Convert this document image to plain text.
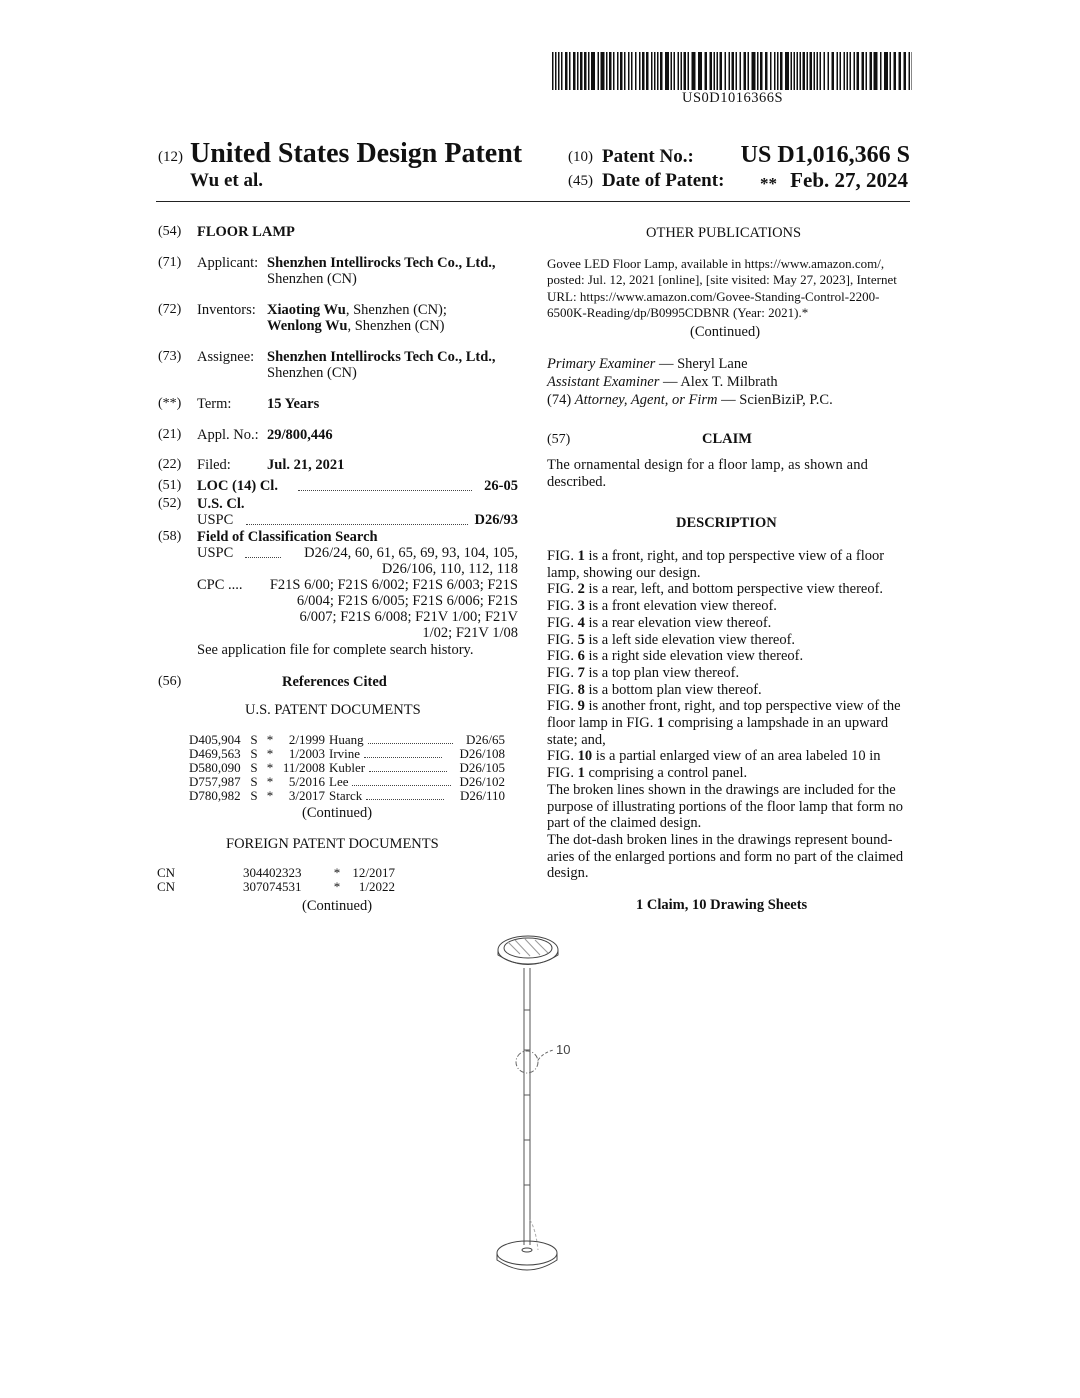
US0D1016366S
(12) United States Design Patent
Wu et al.
(10) Patent No.: US D1,016,366 S
(45) Date of Patent: ** Feb. 27, 2024
(54) FLOOR LAMP
(71) Applicant: Shenzhen Intellirocks Tech Co., Ltd.,
Shenzhen (CN)
(72) Inventors: Xiaoting Wu, Shenzhen (CN);
Wenlong Wu, Shenzhen (CN)
(73) Assignee: Shenzhen Intellirocks Tech Co., Ltd.,
Shenzhen (CN)
(**) Term: 15 Years
(21) Appl. No.: 29/800,446
(22) Filed: Jul. 21, 2021
(51) LOC (14) Cl.	26-05
(52) U.S. Cl.
USPC	D26/93
(58) Field of Classification Search
USPC	D26/24, 60, 61, 65, 69, 93, 104, 105,
D26/106, 110, 112, 118
CPC .... F21S 6/00; F21S 6/002; F21S 6/003; F21S
6/004; F21S 6/005; F21S 6/006; F21S
6/007; F21S 6/008; F21V 1/00; F21V
1/02; F21V 1/08
See application file for complete search history.
(56)	References Cited
U.S. PATENT DOCUMENTS
D405,904	S	*	2/1999	Huang	D26/65
D469,563	S	*	1/2003	Irvine	D26/108
D580,090	S	*	11/2008	Kubler	D26/105
D757,987	S	*	5/2016	Lee	D26/102
D780,982	S	*	3/2017	Starck	D26/110
(Continued)
FOREIGN PATENT DOCUMENTS
CN	304402323	*	12/2017
CN	307074531	*	1/2022
(Continued)
OTHER PUBLICATIONS
Govee LED Floor Lamp, available in https://www.amazon.com/,
posted: Jul. 12, 2021 [online], [site visited: May 27, 2023], Internet
URL: https://www.amazon.com/Govee-Standing-Control-2200-
6500K-Reading/dp/B0995CDBNR (Year: 2021).*
(Continued)
Primary Examiner — Sheryl Lane
Assistant Examiner — Alex T. Milbrath
(74) Attorney, Agent, or Firm — ScienBiziP, P.C.
(57)	CLAIM
The ornamental design for a floor lamp, as shown and
described.
DESCRIPTION
FIG. 1 is a front, right, and top perspective view of a floor
lamp, showing our design.
FIG. 2 is a rear, left, and bottom perspective view thereof.
FIG. 3 is a front elevation view thereof.
FIG. 4 is a rear elevation view thereof.
FIG. 5 is a left side elevation view thereof.
FIG. 6 is a right side elevation view thereof.
FIG. 7 is a top plan view thereof.
FIG. 8 is a bottom plan view thereof.
FIG. 9 is another front, right, and top perspective view of the
floor lamp in FIG. 1 comprising a lampshade in an upward
state; and,
FIG. 10 is a partial enlarged view of an area labeled 10 in
FIG. 1 comprising a control panel.
The broken lines shown in the drawings are included for the
purpose of illustrating portions of the floor lamp that form no
part of the claimed design.
The dot-dash broken lines in the drawings represent bound-
aries of the enlarged portions and form no part of the claimed
design.
1 Claim, 10 Drawing Sheets
10
